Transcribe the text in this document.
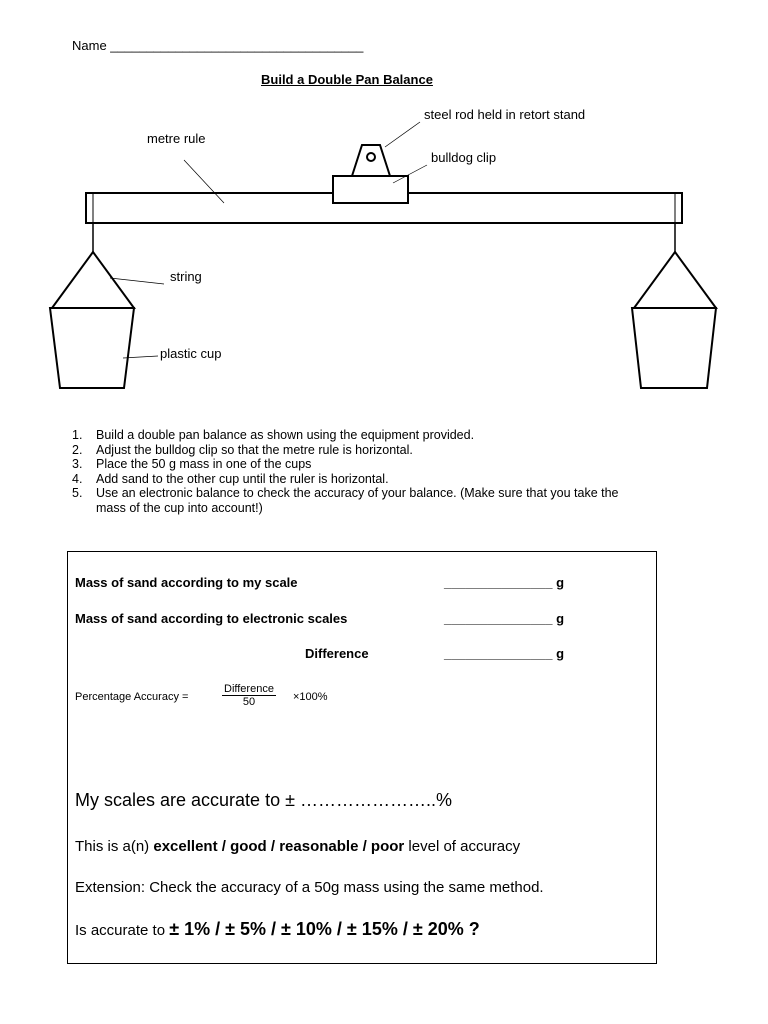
Name ___________________________________
Build a Double Pan Balance
steel rod held in retort stand
metre rule
bulldog clip
string
plastic cup
1.	Build a double pan balance as shown using the equipment provided.
2.	Adjust the bulldog clip so that the metre rule is horizontal.
3.	Place the 50 g mass in one of the cups
4.	Add sand to the other cup until the ruler is horizontal.
5.	Use an electronic balance to check the accuracy of your balance. (Make sure that you take the mass of the cup into account!)
Mass of sand according to my scale	_______________ g
Mass of sand according to electronic scales	_______________ g
Difference	_______________ g
Percentage Accuracy =
Difference
50	×100%
My scales are accurate to ± …………………..%
This is a(n) excellent / good / reasonable / poor level of accuracy
Extension: Check the accuracy of a 50g mass using the same method.
Is accurate to ± 1% / ± 5% / ± 10% / ± 15% / ± 20% ?
